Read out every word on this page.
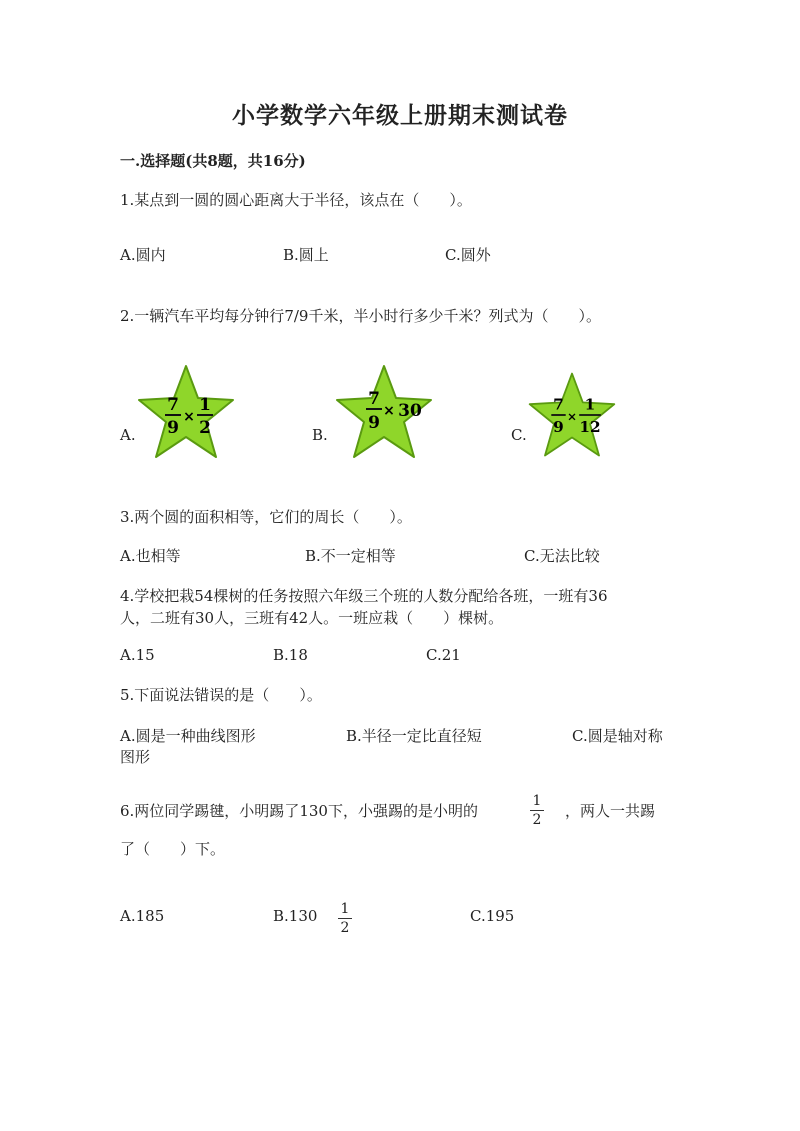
小学数学六年级上册期末测试卷
一.选择题(共8题，共16分)
1.某点到一圆的圆心距离大于半径，该点在（　　）。
A.圆内	B.圆上	C.圆外
2.一辆汽车平均每分钟行7/9千米，半小时行多少千米？列式为（　　）。
A.	B.	C.
7
9
×
1
2
7
9
× 30	7
9
×
1
12
3.两个圆的面积相等，它们的周长（　　）。
A.也相等	B.不一定相等	C.无法比较
4.学校把栽54棵树的任务按照六年级三个班的人数分配给各班，一班有36
人，二班有30人，三班有42人。一班应栽（　　）棵树。
A.15	B.18	C.21
5.下面说法错误的是（　　）。
A.圆是一种曲线图形	B.半径一定比直径短	C.圆是轴对称
图形
6.两位同学踢毽，小明踢了130下，小强踢的是小明的
1
2 ，两人一共踢
了（　　）下。
A.185	B.130 1
2
C.195
